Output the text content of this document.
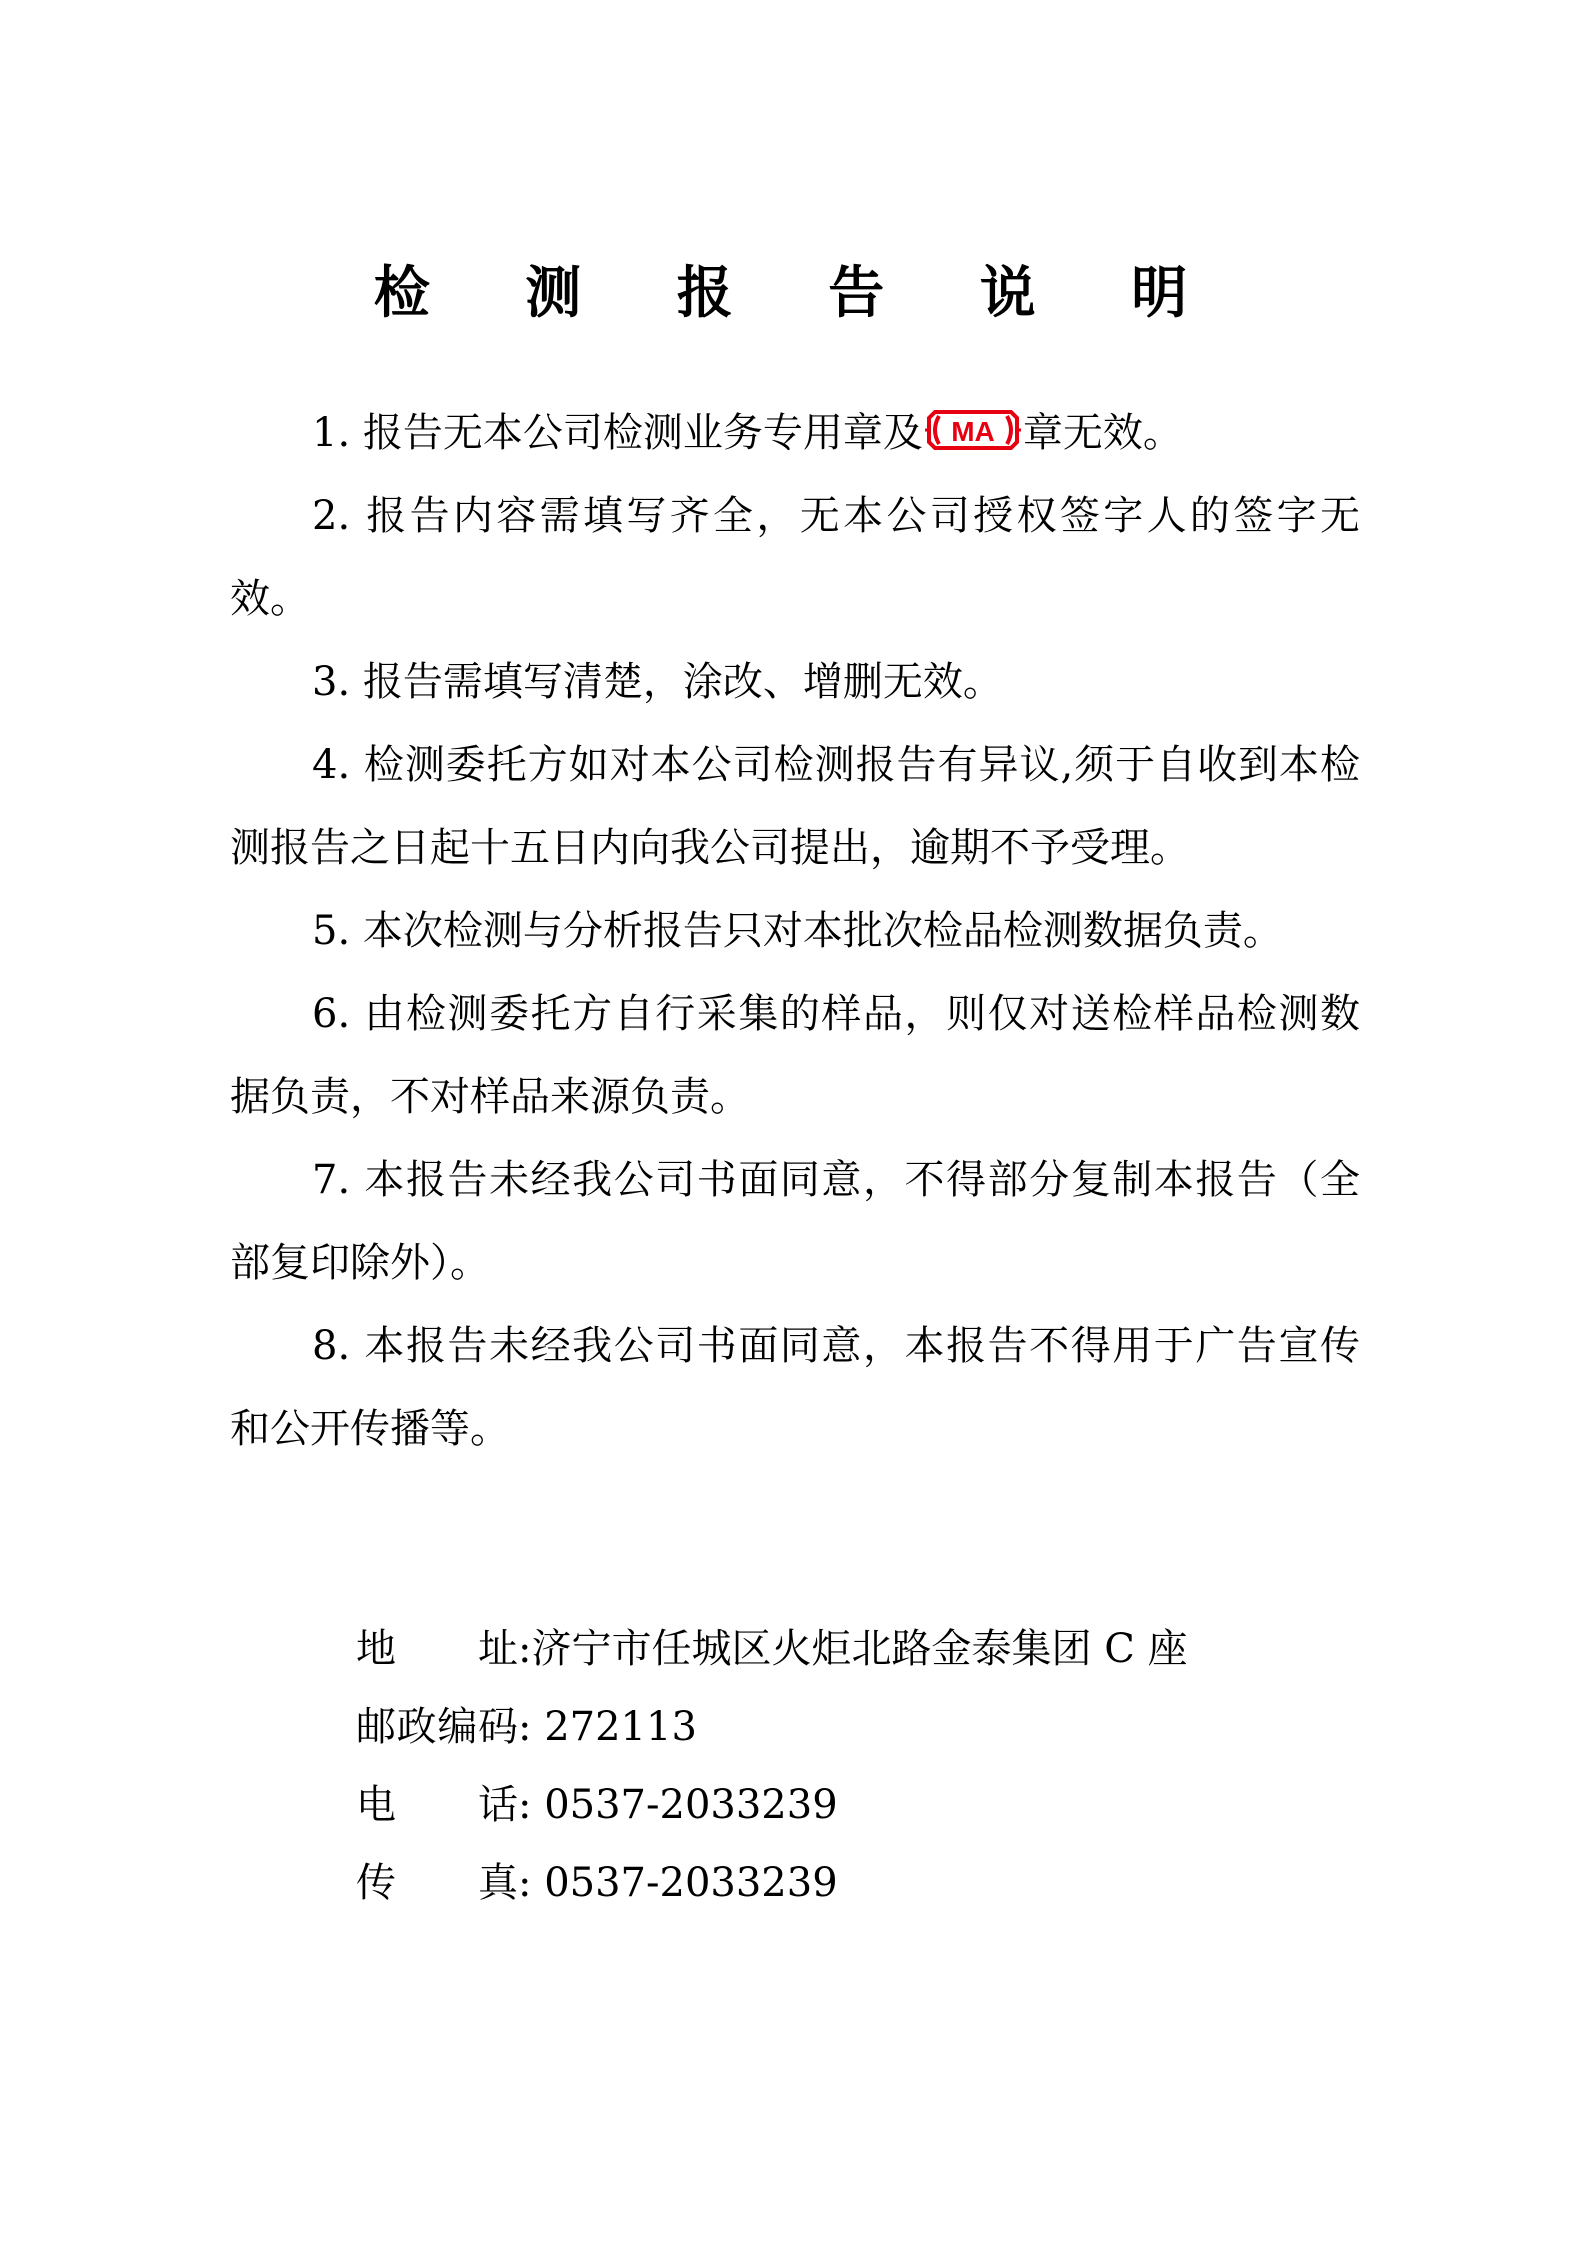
检 测 报 告 说 明

1. 报告无本公司检测业务专用章及 MA 章无效。

2. 报告内容需填写齐全，无本公司授权签字人的签字无效。

3. 报告需填写清楚，涂改、增删无效。

4. 检测委托方如对本公司检测报告有异议,须于自收到本检测报告之日起十五日内向我公司提出，逾期不予受理。

5. 本次检测与分析报告只对本批次检品检测数据负责。

6. 由检测委托方自行采集的样品，则仅对送检样品检测数据负责，不对样品来源负责。

7. 本报告未经我公司书面同意，不得部分复制本报告（全部复印除外）。

8. 本报告未经我公司书面同意，本报告不得用于广告宣传和公开传播等。

地　　址 :济宁市任城区火炬北路金泰集团 C 座
邮政编码 : 272113
电　　话 : 0537-2033239
传　　真 : 0537-2033239
